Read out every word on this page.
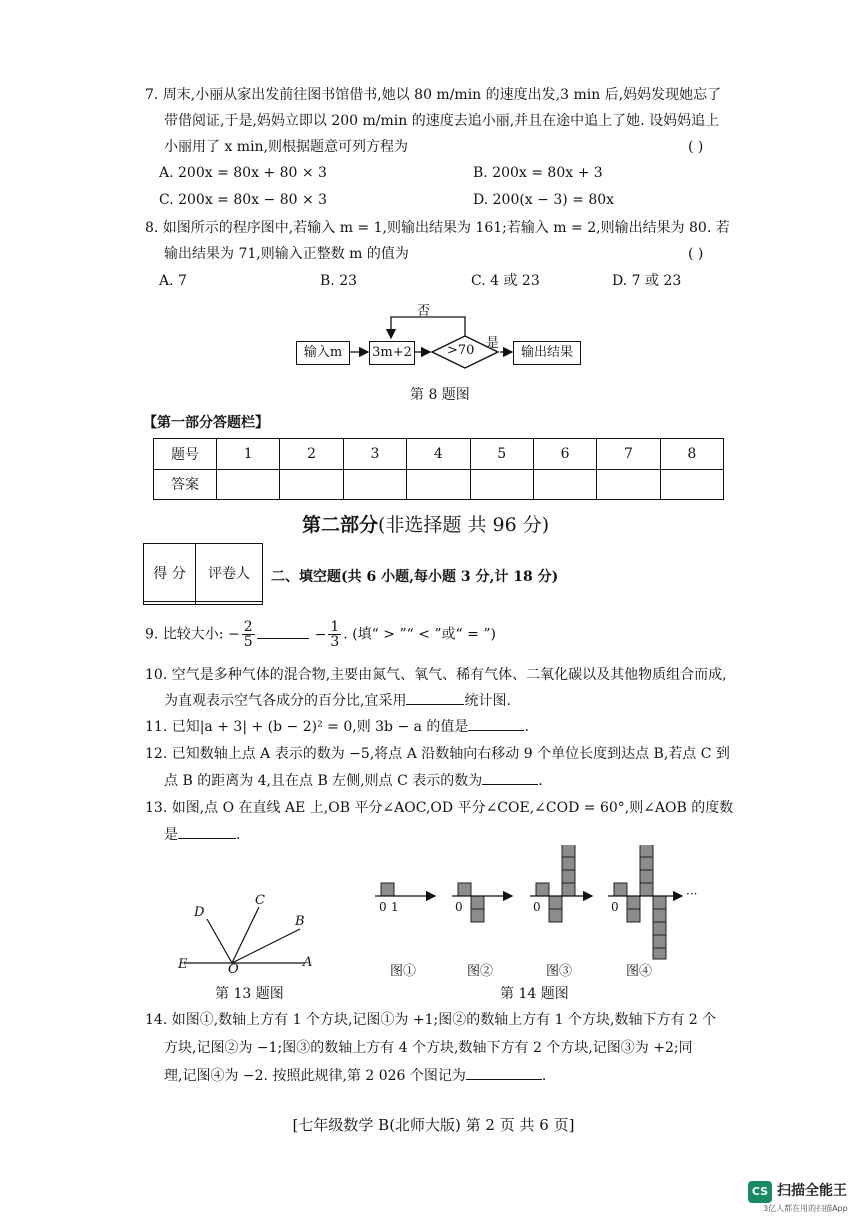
7. 周末,小丽从家出发前往图书馆借书,她以 80 m/min 的速度出发,3 min 后,妈妈发现她忘了
带借阅证,于是,妈妈立即以 200 m/min 的速度去追小丽,并且在途中追上了她. 设妈妈追上
小丽用了 x min,则根据题意可列方程为	( )
A. 200x = 80x + 80 × 3	B. 200x = 80x + 3
C. 200x = 80x − 80 × 3	D. 200(x − 3) = 80x
8. 如图所示的程序图中,若输入 m = 1,则输出结果为 161;若输入 m = 2,则输出结果为 80. 若
输出结果为 71,则输入正整数 m 的值为	( )
A. 7	B. 23	C. 4 或 23	D. 7 或 23
输入m	3m+2	>70
否
是
输出结果
第 8 题图
【第一部分答题栏】
题号	1	2	3	4	5	6	7	8
答案								
第二部分(非选择题 共 96 分)
得 分	评卷人
	二、填空题(共 6 小题,每小题 3 分,计 18 分)
9. 比较大小: − $\frac{2}{5}$	− $\frac{1}{3}$ . (填“ > ”“ < ”或“ = ”)
10. 空气是多种气体的混合物,主要由氮气、氧气、稀有气体、二氧化碳以及其他物质组合而成,
为直观表示空气各成分的百分比,宜采用	统计图.
11. 已知|a + 3| + (b − 2)² = 0,则 3b − a 的值是	.
12. 已知数轴上点 A 表示的数为 −5,将点 A 沿数轴向右移动 9 个单位长度到达点 B,若点 C 到
点 B 的距离为 4,且在点 B 左侧,则点 C 表示的数为	.
13. 如图,点 O 在直线 AE 上,OB 平分∠AOC,OD 平分∠COE,∠COD = 60°,则∠AOB 的度数
是	.
D
C
B
E	O	A
第 13 题图
0 1	0	0	0
···
图①	图②	图③	图④
第 14 题图
14. 如图①,数轴上方有 1 个方块,记图①为 +1;图②的数轴上方有 1 个方块,数轴下方有 2 个
方块,记图②为 −1;图③的数轴上方有 4 个方块,数轴下方有 2 个方块,记图③为 +2;同
理,记图④为 −2. 按照此规律,第 2 026 个图记为	.
[七年级数学 B(北师大版) 第 2 页 共 6 页]
CS 扫描全能王
3亿人都在用的扫描App
